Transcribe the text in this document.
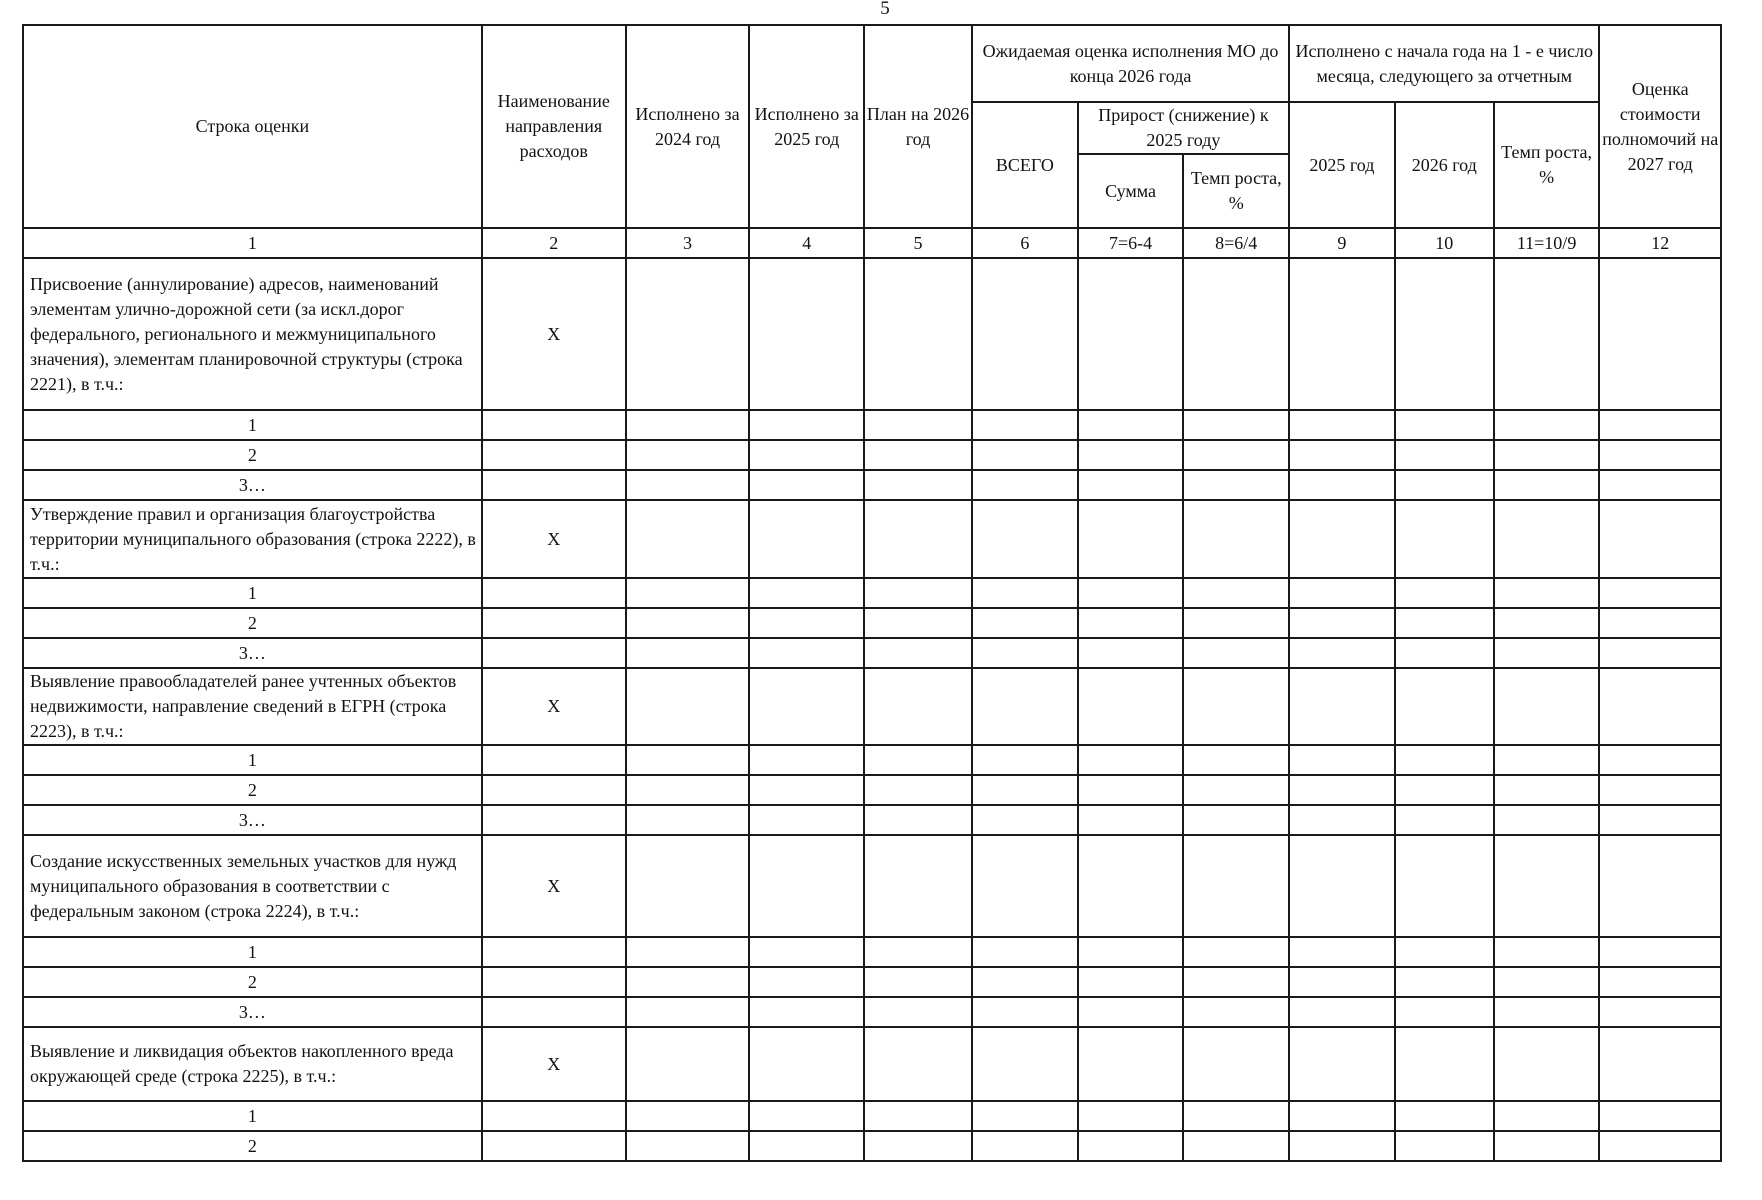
5
Строка оценки	Наименование направления расходов	Исполнено за 2024 год	Исполнено за 2025 год	План на 2026 год	Ожидаемая оценка исполнения МО до конца 2026 года			Исполнено с начала года на 1 - е число месяца, следующего за отчетным			Оценка стоимости полномочий на 2027 год
					ВСЕГО	Прирост (снижение) к 2025 году		2025 год	2026 год	Темп роста, %	
						Сумма	Темп роста, %				
1	2	3	4	5	6	7=6-4	8=6/4	9	10	11=10/9	12
Присвоение (аннулирование) адресов, наименований элементам улично-дорожной сети (за искл.дорог федерального, регионального и межмуниципального значения), элементам планировочной структуры (строка 2221), в т.ч.:	Х										
1											
2											
3…											
Утверждение правил и организация благоустройства территории муниципального образования (строка 2222), в т.ч.:	Х										
1											
2											
3…											
Выявление правообладателей ранее учтенных объектов недвижимости, направление сведений в ЕГРН (строка 2223), в т.ч.:	Х										
1											
2											
3…											
Создание искусственных земельных участков для нужд муниципального образования в соответствии с федеральным законом (строка 2224), в т.ч.:	Х										
1											
2											
3…											
Выявление и ликвидация объектов накопленного вреда окружающей среде (строка 2225), в т.ч.:	Х										
1											
2											
